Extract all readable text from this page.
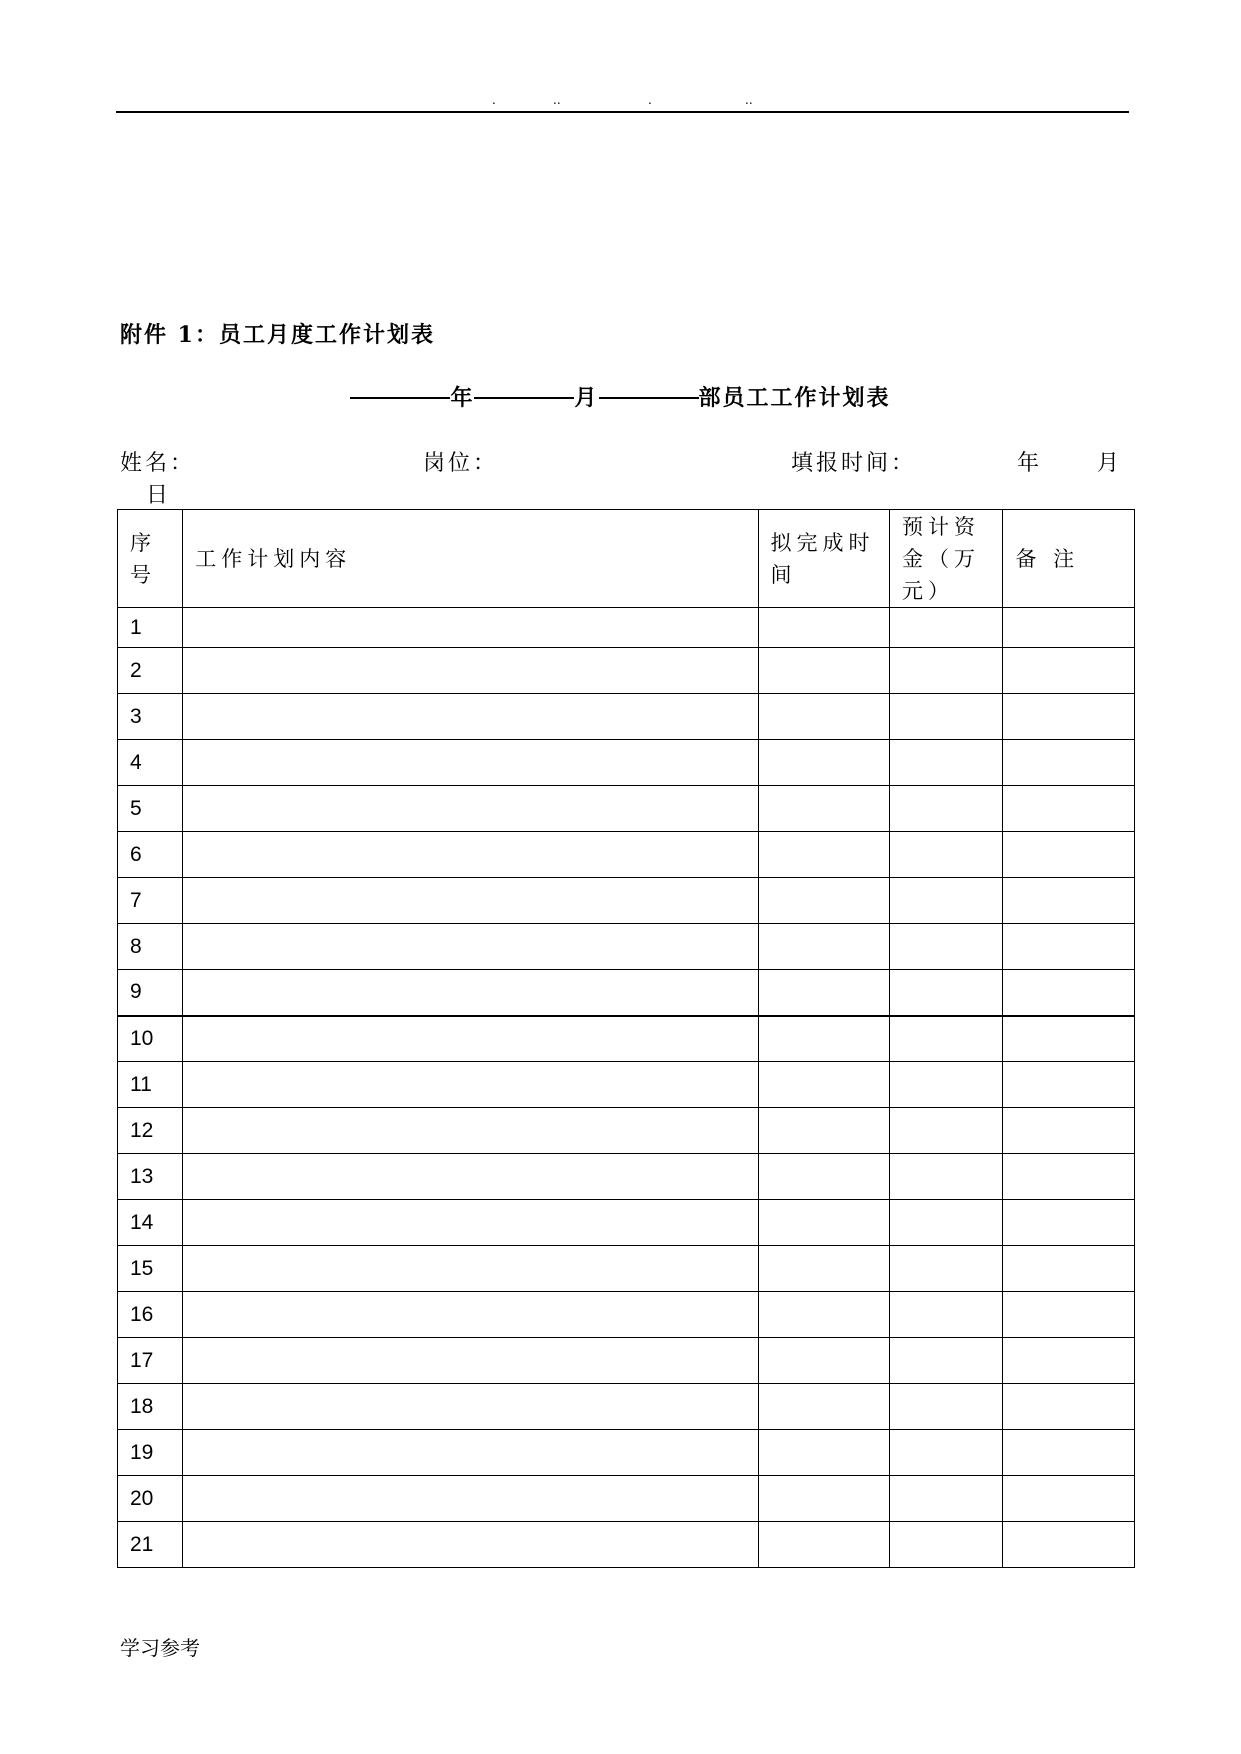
.	..	.	..
附件 1：员工月度工作计划表
年	月	部员工工作计划表
姓名：	岗位：	填报时间：	年 月
日
序号	工作计划内容	拟完成时间	预计资金（万元）	备 注
1				
2				
3				
4				
5				
6				
7				
8				
9				
10				
11				
12				
13				
14				
15				
16				
17				
18				
19				
20				
21				
学习参考
